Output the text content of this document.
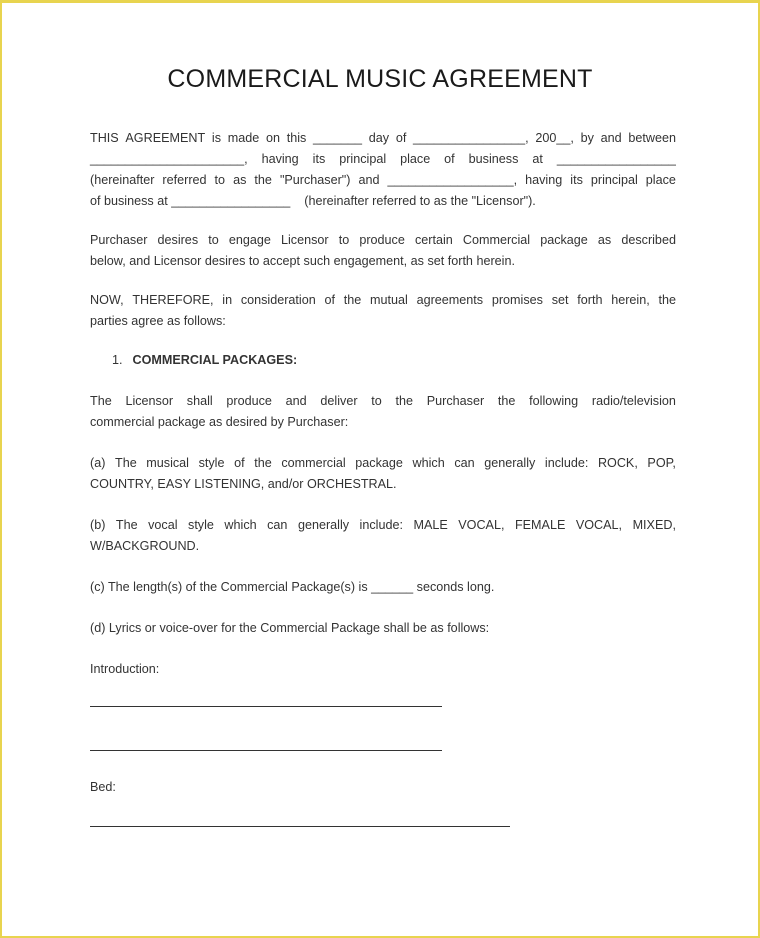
COMMERCIAL MUSIC AGREEMENT
THIS AGREEMENT is made on this _______ day of ________________, 200__, by and between
______________________, having its principal place of business at _________________
(hereinafter referred to as the "Purchaser") and __________________, having its principal place
of business at _________________    (hereinafter referred to as the "Licensor").
Purchaser desires to engage Licensor to produce certain Commercial package as described
below, and Licensor desires to accept such engagement, as set forth herein.
NOW, THEREFORE, in consideration of the mutual agreements promises set forth herein, the
parties agree as follows:
1. COMMERCIAL PACKAGES:
The Licensor shall produce and deliver to the Purchaser the following radio/television
commercial package as desired by Purchaser:
(a) The musical style of the commercial package which can generally include: ROCK, POP,
COUNTRY, EASY LISTENING, and/or ORCHESTRAL.
(b) The vocal style which can generally include: MALE VOCAL, FEMALE VOCAL, MIXED,
W/BACKGROUND.
(c) The length(s) of the Commercial Package(s) is ______ seconds long.
(d) Lyrics or voice-over for the Commercial Package shall be as follows:
Introduction:
Bed:
